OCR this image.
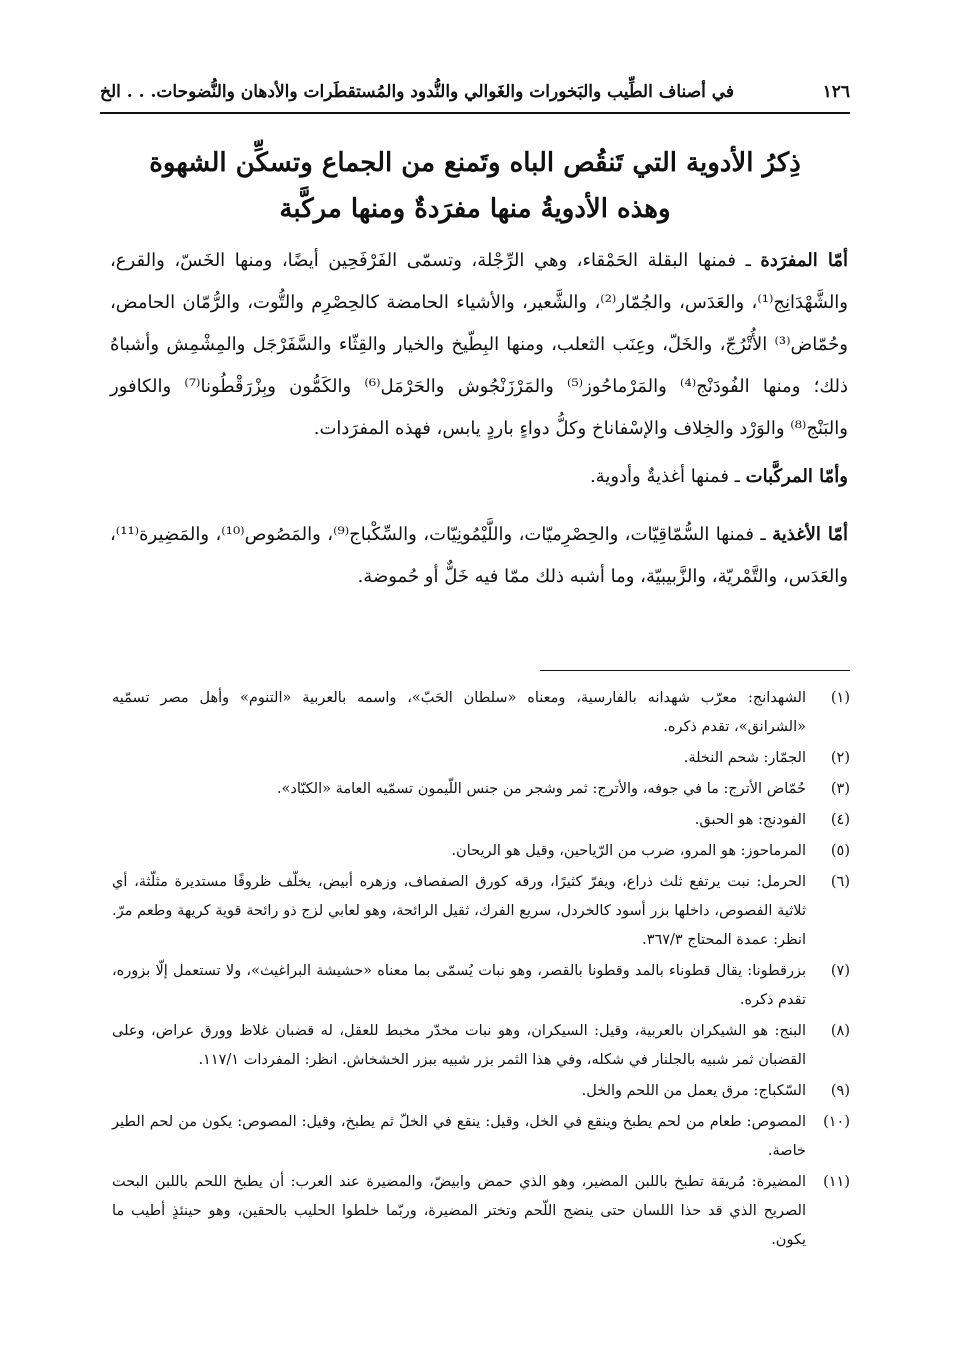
١٢٦
في أصناف الطِّيب والبَخورات والغَوالي والنُّدود والمُستقطَرات والأدهان والنُّضوحات. . . الخ
ذِكرُ الأدوية التي تَنقُص الباه وتَمنع من الجماع وتسكِّن الشهوة
وهذه الأدويةُ منها مفرَدةٌ ومنها مركَّبة

أمّا المفرَدة ـ فمنها البقلة الحَمْقاء، وهي الرِّجْلة، وتسمّى الفَرْفَحِين أيضًا، ومنها الخَسّ، والقرع، والشَّهْدَانِج⁽¹⁾، والعَدَس، والجُمّار⁽²⁾، والشَّعير، والأشياء الحامضة كالحِصْرِم والتُّوت، والرُّمّان الحامض، وحُمّاض⁽³⁾ الأُتْرُجّ، والخَلّ، وعِنَب الثعلب، ومنها البِطّيخ والخيار والقِثّاء والسَّفَرْجَل والمِشْمِش وأشباهُ ذلك؛ ومنها الفُودَنْج⁽⁴⁾ والمَرْماحُوز⁽⁵⁾ والمَرْزَنْجُوش والحَرْمَل⁽⁶⁾ والكَمُّون وبِزْرَقْطُونا⁽⁷⁾ والكافور والبَنْج⁽⁸⁾ والوَرْد والخِلاف والإسْفاناخ وكلُّ دواءٍ باردٍ يابس، فهذه المفرَدات.

وأمّا المركَّبات ـ فمنها أغذيةٌ وأدوية.

أمّا الأغذية ـ فمنها السُّمّاقِيّات، والحِصْرِميّات، واللَّيْمُونِيّات، والسِّكْباج⁽⁹⁾، والمَصُوص⁽¹⁰⁾، والمَضِيرة⁽¹¹⁾، والعَدَس، والتَّمْريّة، والزَّبيبيّة، وما أشبه ذلك ممّا فيه خَلٌّ أو حُموضة.

(١)
الشهدانج: معرّب شهدانه بالفارسية، ومعناه «سلطان الحَبّ»، واسمه بالعربية «التنوم» وأهل مصر تسمّيه «الشرانق»، تقدم ذكره.
(٢)
الجمّار: شحم النخلة.
(٣)
حُمّاض الأترج: ما في جوفه، والأترج: ثمر وشجر من جنس اللّيمون تسمّيه العامة «الكبّاد».
(٤)
الفودنج: هو الحبق.
(٥)
المرماحوز: هو المرو، ضرب من الرّياحين، وقيل هو الريحان.
(٦)
الحرمل: نبت يرتفع ثلث ذراع، ويفرّ كثيرًا، ورقه كورق الصفصاف، وزهره أبيض، يخلّف ظروفًا مستديرة مثلّثة، أي ثلاثية الفصوص، داخلها بزر أسود كالخردل، سريع الفرك، ثقيل الرائحة، وهو لعابي لزج ذو رائحة قوية كريهة وطعم مرّ. انظر: عمدة المحتاج ٣٦٧/٣.
(٧)
بزرقطونا: يقال قطوناء بالمد وقطونا بالقصر، وهو نبات يُسمّى بما معناه «حشيشة البراغيث»، ولا تستعمل إلّا بزوره، تقدم ذكره.
(٨)
البنج: هو الشيكران بالعربية، وقيل: السيكران، وهو نبات مخدّر مخبط للعقل، له قضبان غلاظ وورق عراض، وعلى القضبان ثمر شبيه بالجلنار في شكله، وفي هذا الثمر بزر شبيه ببزر الخشخاش. انظر: المفردات ١١٧/١.
(٩)
السّكباج: مرق يعمل من اللحم والخل.
(١٠)
المصوص: طعام من لحم يطبخ وينقع في الخل، وقيل: ينقع في الخلّ ثم يطبخ، وقيل: المصوص: يكون من لحم الطير خاصة.
(١١)
المضيرة: مُريقة تطبخ باللبن المضير، وهو الذي حمض وابيضّ، والمضيرة عند العرب: أن يطبخ اللحم باللبن البحت الصريح الذي قد حذا اللسان حتى ينضج اللّحم وتختر المضيرة، وربّما خلطوا الحليب بالحقين، وهو حينئذٍ أطيب ما يكون.
